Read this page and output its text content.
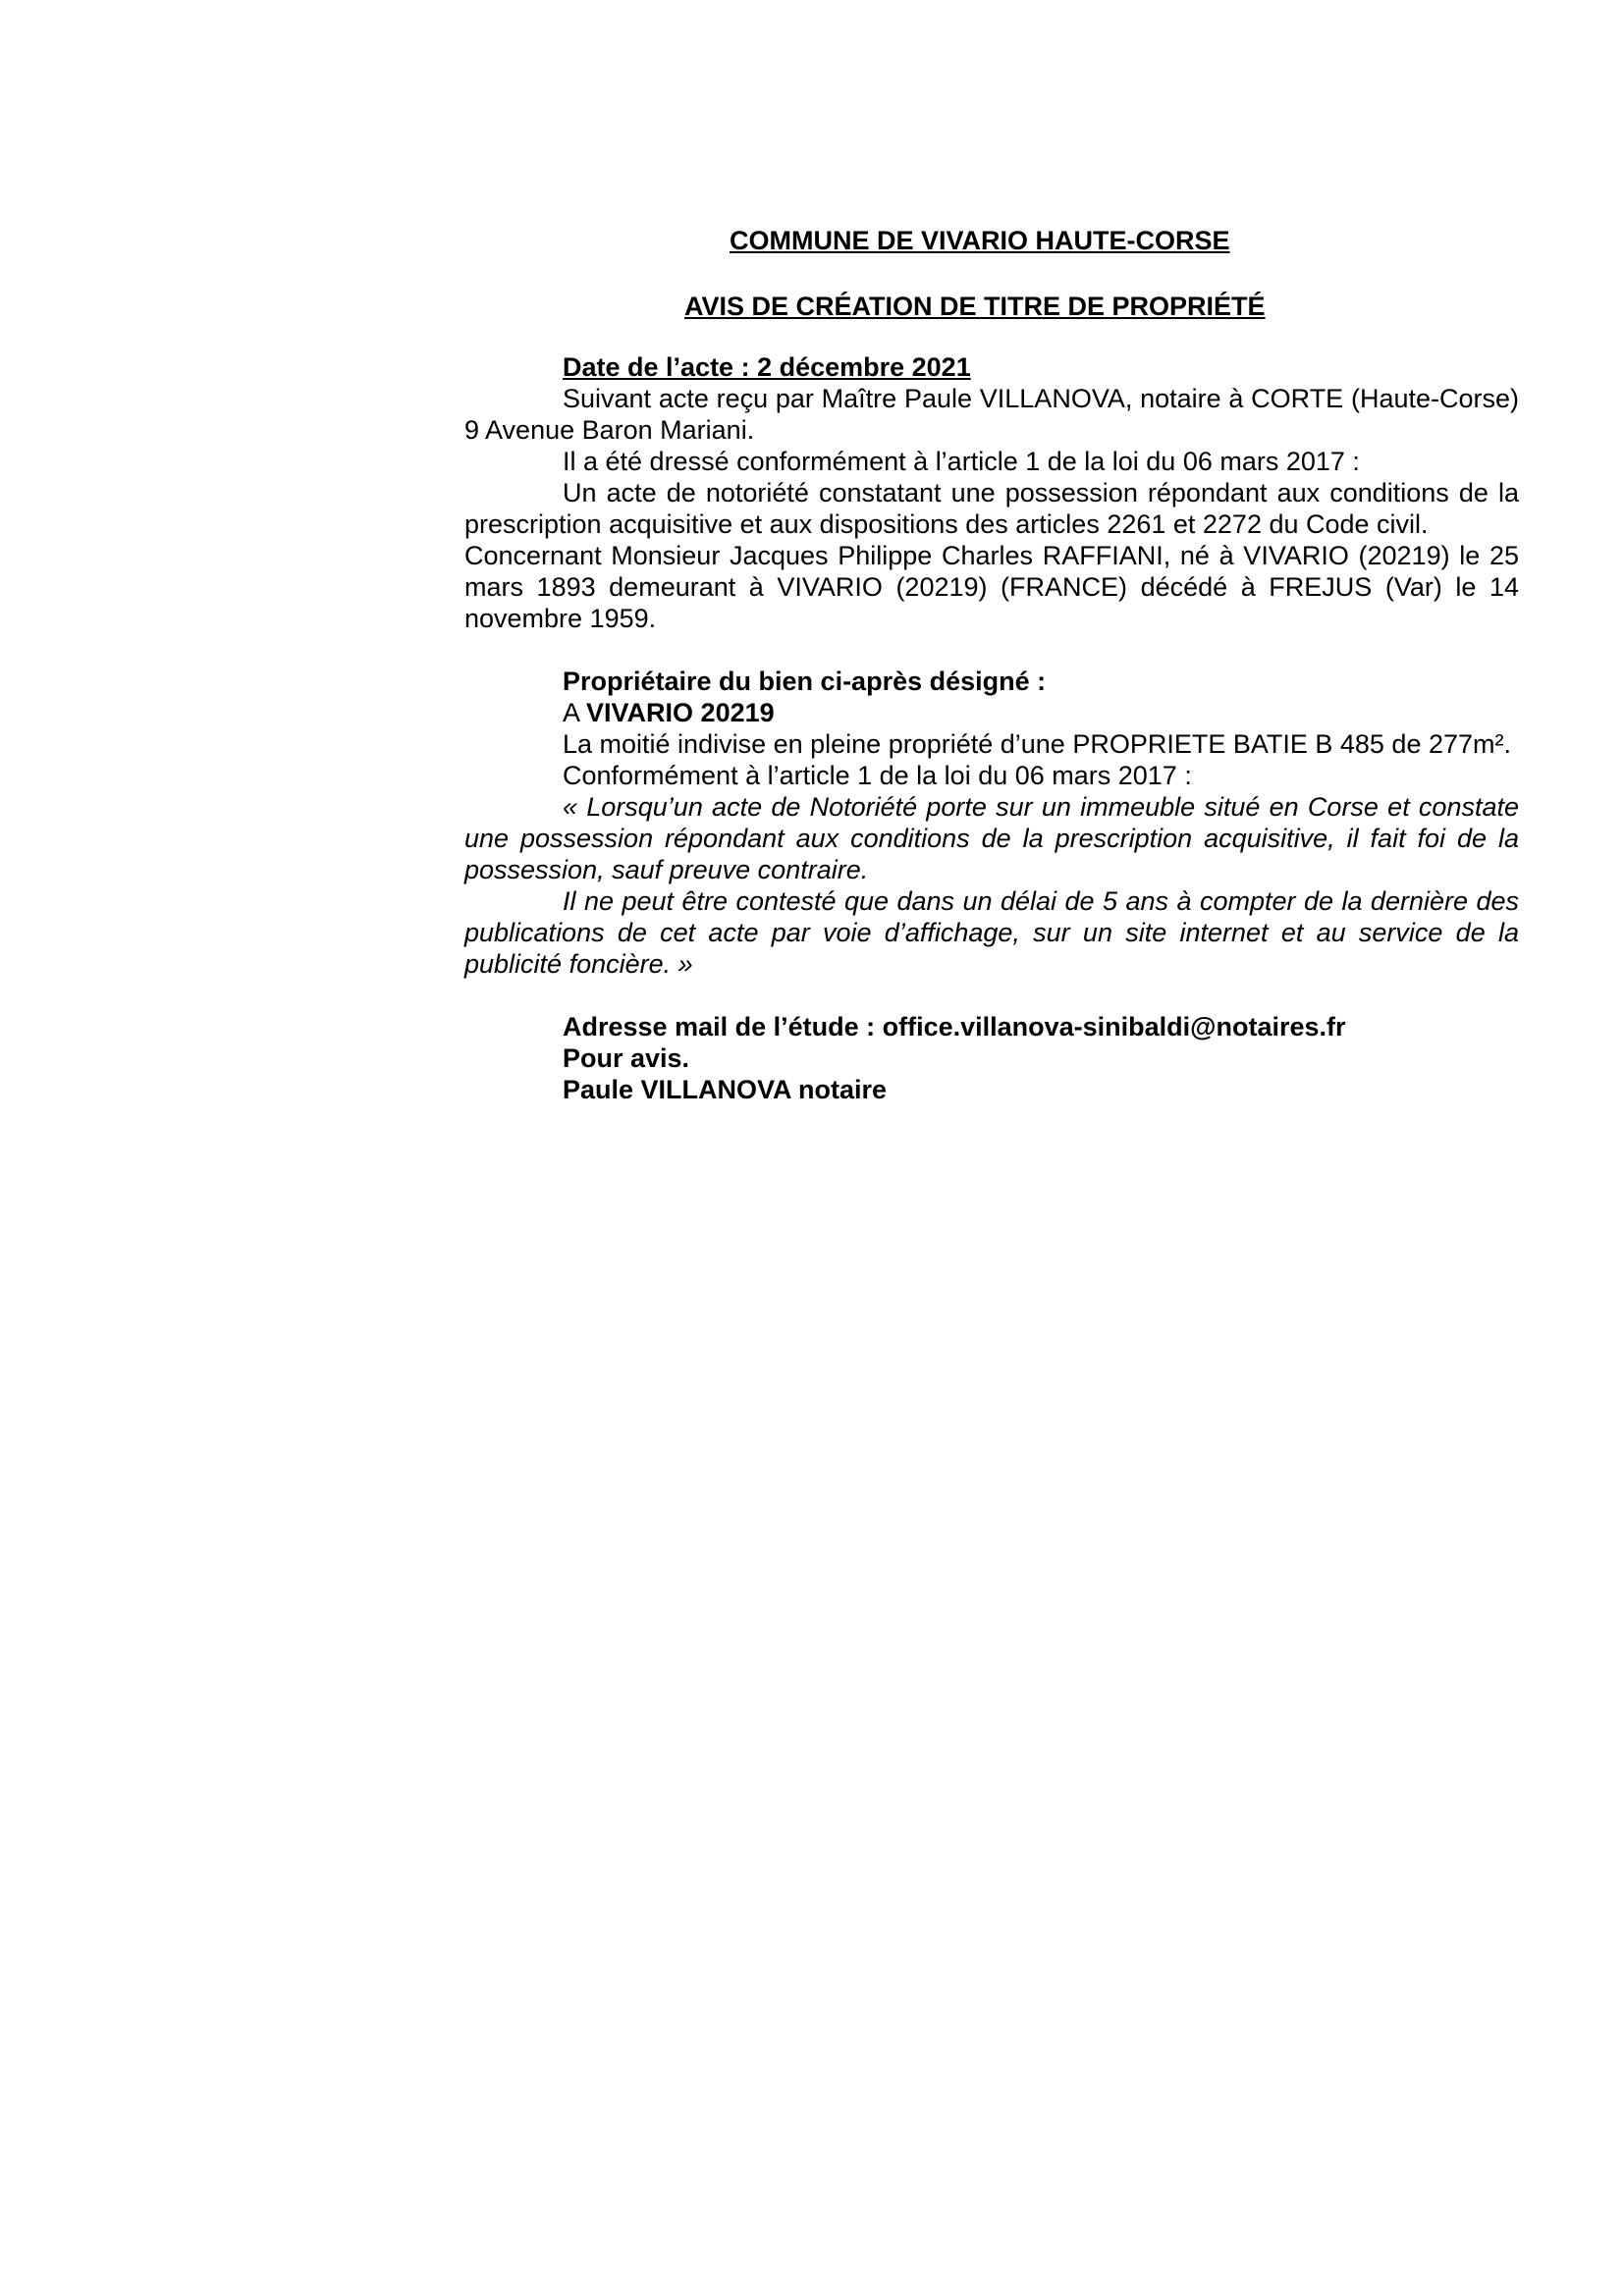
COMMUNE DE VIVARIO HAUTE-CORSE
AVIS DE CRÉATION DE TITRE DE PROPRIÉTÉ

Date de l’acte : 2 décembre 2021

Suivant acte reçu par Maître Paule VILLANOVA, notaire à CORTE (Haute-Corse) 9 Avenue Baron Mariani.

Il a été dressé conformément à l’article 1 de la loi du 06 mars 2017 :

Un acte de notoriété constatant une possession répondant aux conditions de la prescription acquisitive et aux dispositions des articles 2261 et 2272 du Code civil.

Concernant Monsieur Jacques Philippe Charles RAFFIANI, né à VIVARIO (20219) le 25 mars 1893 demeurant à VIVARIO (20219) (FRANCE) décédé à FREJUS (Var) le 14 novembre 1959.

Propriétaire du bien ci-après désigné :

A VIVARIO 20219

La moitié indivise en pleine propriété d’une PROPRIETE BATIE B 485 de 277m².

Conformément à l’article 1 de la loi du 06 mars 2017 :

« Lorsqu’un acte de Notoriété porte sur un immeuble situé en Corse et constate une possession répondant aux conditions de la prescription acquisitive, il fait foi de la possession, sauf preuve contraire.

Il ne peut être contesté que dans un délai de 5 ans à compter de la dernière des publications de cet acte par voie d’affichage, sur un site internet et au service de la publicité foncière. »

Adresse mail de l’étude : office.villanova-sinibaldi@notaires.fr

Pour avis.

Paule VILLANOVA notaire
